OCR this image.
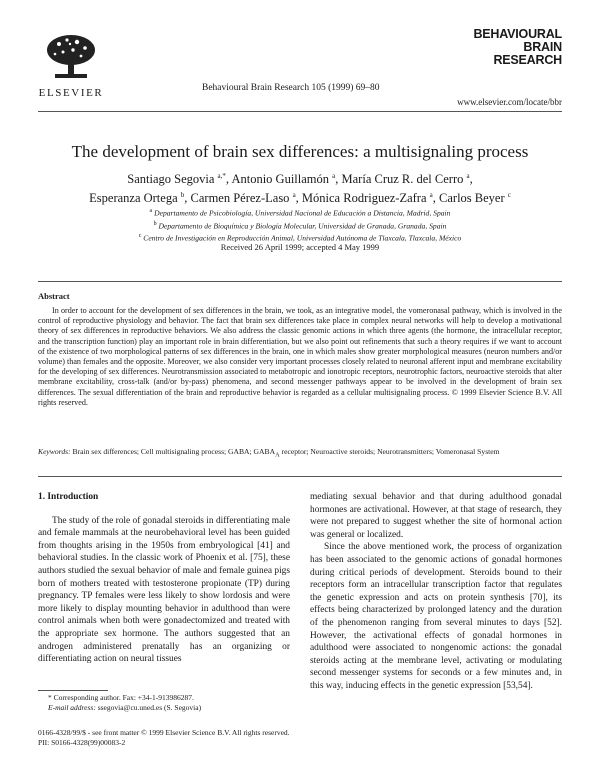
ELSEVIER	Behavioural Brain Research 105 (1999) 69–80
BEHAVIOURAL
BRAIN
RESEARCH
www.elsevier.com/locate/bbr
The development of brain sex differences: a multisignaling process
Santiago Segovia $^{a,*}$, Antonio Guillamón $^a$, María Cruz R. del Cerro $^a$,
Esperanza Ortega $^b$, Carmen Pérez-Laso $^a$, Mónica Rodriguez-Zafra $^a$, Carlos Beyer $^c$
$^a$ Departamento de Psicobiología, Universidad Nacional de Educación a Distancia, Madrid, Spain
$^b$ Departamento de Bioquímica y Biología Molecular, Universidad de Granada, Granada, Spain
$^c$ Centro de Investigación en Reproducción Animal, Universidad Autónoma de Tlaxcala, Tlaxcala, México
Received 26 April 1999; accepted 4 May 1999
Abstract
In order to account for the development of sex differences in the brain, we took, as an integrative model, the vomeronasal pathway, which is involved in the control of reproductive physiology and behavior. The fact that brain sex differences take place in complex neural networks will help to develop a motivational theory of sex differences in reproductive behaviors. We also address the classic genomic actions in which three agents (the hormone, the intracellular receptor, and the transcription function) play an important role in brain differentiation, but we also point out refinements that such a theory requires if we want to account of the existence of two morphological patterns of sex differences in the brain, one in which males show greater morphological measures (neuron numbers and/or volume) than females and the opposite. Moreover, we also consider very important processes closely related to neuronal afferent input and membrane excitability for the developing of sex differences. Neurotransmission associated to metabotropic and ionotropic receptors, neurotrophic factors, neuroactive steroids that alter membrane excitability, cross-talk (and/or by-pass) phenomena, and second messenger pathways appear to be involved in the development of brain sex differences. The sexual differentiation of the brain and reproductive behavior is regarded as a cellular multisignaling process. © 1999 Elsevier Science B.V. All rights reserved.
Keywords: Brain sex differences; Cell multisignaling process; GABA; $GABA_A$ receptor; Neuroactive steroids; Neurotransmitters; Vomeronasal System
1. Introduction
The study of the role of gonadal steroids in differentiating male and female mammals at the neurobehavioral level has been guided from thoughts arising in the 1950s from embryological [41] and behavioral studies. In the classic work of Phoenix et al. [75], these authors studied the sexual behavior of male and female guinea pigs born of mothers treated with testosterone propionate (TP) during pregnancy. TP females were less likely to show lordosis and were more likely to display mounting behavior in adulthood than were control animals when both were gonadectomized and treated with the appropriate sex hormone. The authors suggested that an androgen administered prenatally has an organizing or differentiating action on neural tissues
mediating sexual behavior and that during adulthood gonadal hormones are activational. However, at that stage of research, they were not prepared to suggest whether the site of hormonal action was general or localized.
Since the above mentioned work, the process of organization has been associated to the genomic actions of gonadal hormones during critical periods of development. Steroids bound to their receptors form an intracellular transcription factor that regulates the genetic expression and acts on protein synthesis [70], its effects being characterized by prolonged latency and the duration of the phenomenon ranging from several minutes to days [52]. However, the activational effects of gonadal hormones in adulthood were associated to nongenomic actions: the gonadal steroids acting at the membrane level, activating or modulating second messenger systems for seconds or a few minutes and, in this way, inducing effects in the genetic expression [53,54].
* Corresponding author. Fax: +34-1-913986287.
E-mail address: ssegovia@cu.uned.es (S. Segovia)
0166-4328/99/$ - see front matter © 1999 Elsevier Science B.V. All rights reserved.
PII: S0166-4328(99)00083-2
